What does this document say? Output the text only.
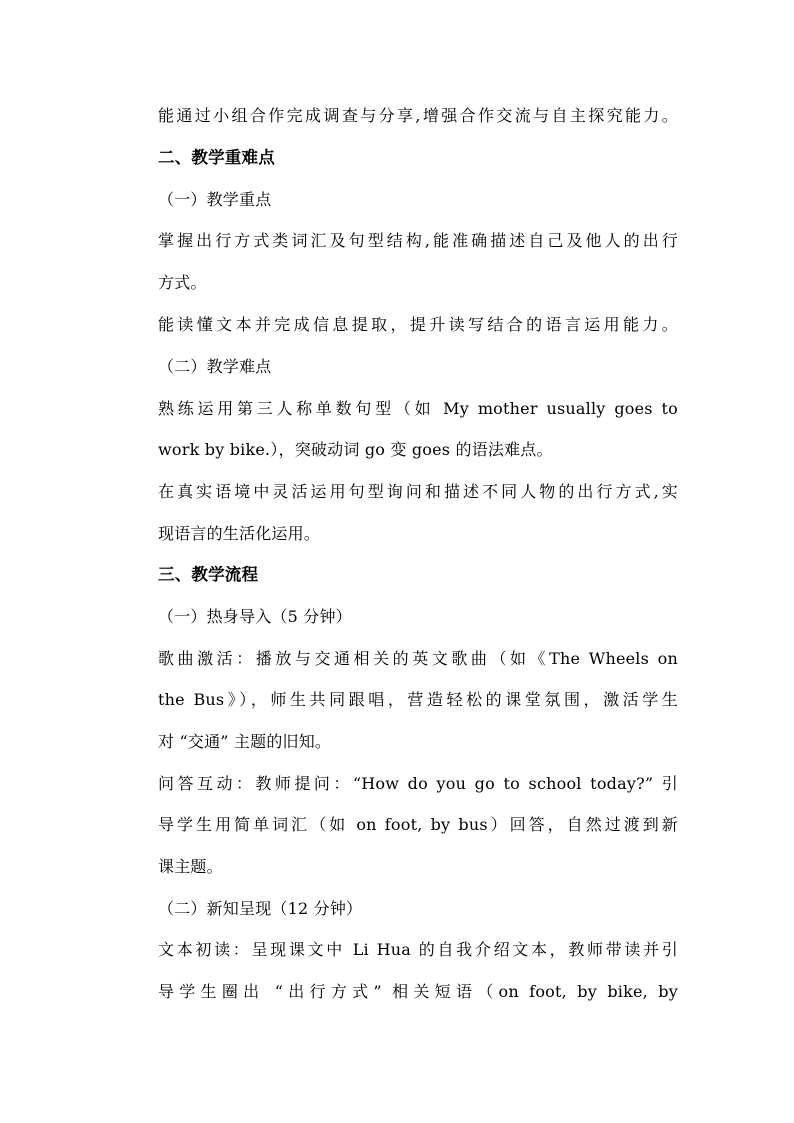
能通过小组合作完成调查与分享,增强合作交流与自主探究能力。
二、教学重难点
（一）教学重点
掌握出行方式类词汇及句型结构,能准确描述自己及他人的出行
方式。
能读懂文本并完成信息提取，提升读写结合的语言运用能力。
（二）教学难点
熟练运用第三人称单数句型（如 My mother usually goes to
work by bike.），突破动词 go 变 goes 的语法难点。
在真实语境中灵活运用句型询问和描述不同人物的出行方式,实
现语言的生活化运用。
三、教学流程
（一）热身导入（5 分钟）
歌曲激活：播放与交通相关的英文歌曲（如《The Wheels on
the Bus》），师生共同跟唱，营造轻松的课堂氛围，激活学生
对 “交通” 主题的旧知。
问答互动：教师提问：“How do you go to school today?” 引
导学生用简单词汇（如 on foot, by bus）回答，自然过渡到新
课主题。
（二）新知呈现（12 分钟）
文本初读：呈现课文中 Li Hua 的自我介绍文本，教师带读并引
导学生圈出 “出行方式” 相关短语（on foot, by bike, by
